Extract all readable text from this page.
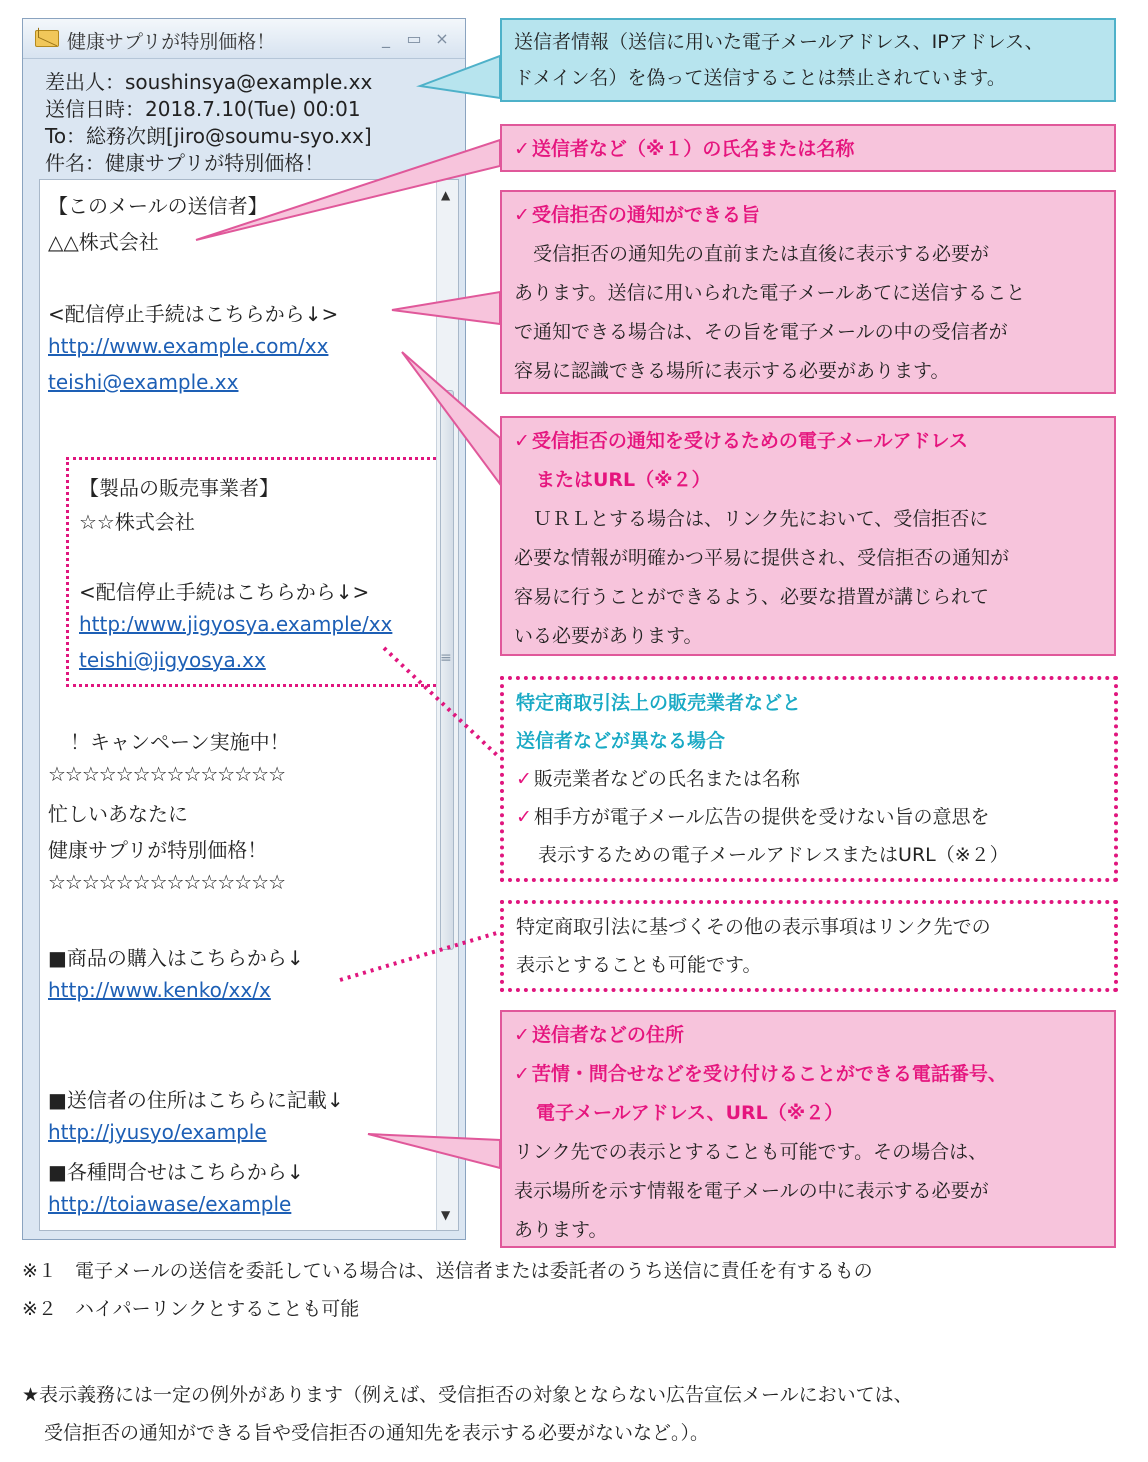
健康サプリが特別価格！	_	▭ ×
差出人：soushinsya@example.xx
送信日時：2018.7.10(Tue) 00:01
To：総務次朗[jiro@soumu-syo.xx]
件名：健康サプリが特別価格！
【このメールの送信者】
△△株式会社
<配信停止手続はこちらから↓>
http://www.example.com/xx
teishi@example.xx
【製品の販売事業者】
☆☆株式会社
<配信停止手続はこちらから↓>
http:/www.jigyosya.example/xx
teishi@jigyosya.xx
！キャンペーン実施中！
☆☆☆☆☆☆☆☆☆☆☆☆☆☆
忙しいあなたに
健康サプリが特別価格！
☆☆☆☆☆☆☆☆☆☆☆☆☆☆
■商品の購入はこちらから↓
http://www.kenko/xx/x
■送信者の住所はこちらに記載↓
http://jyusyo/example
■各種問合せはこちらから↓
http://toiawase/example
▲
≡
▼
送信者情報（送信に用いた電子メールアドレス、IPアドレス、
ドメイン名）を偽って送信することは禁止されています。
✓ 送信者など（※１）の氏名または名称
✓ 受信拒否の通知ができる旨
受信拒否の通知先の直前または直後に表示する必要が
あります。送信に用いられた電子メールあてに送信すること
で通知できる場合は、その旨を電子メールの中の受信者が
容易に認識できる場所に表示する必要があります。
✓ 受信拒否の通知を受けるための電子メールアドレス
またはURL（※２）
ＵＲＬとする場合は、リンク先において、受信拒否に
必要な情報が明確かつ平易に提供され、受信拒否の通知が
容易に行うことができるよう、必要な措置が講じられて
いる必要があります。
特定商取引法上の販売業者などと
送信者などが異なる場合
✓ 販売業者などの氏名または名称
✓ 相手方が電子メール広告の提供を受けない旨の意思を
表示するための電子メールアドレスまたはURL（※２）
特定商取引法に基づくその他の表示事項はリンク先での
表示とすることも可能です。
✓ 送信者などの住所
✓ 苦情・問合せなどを受け付けることができる電話番号、
電子メールアドレス、URL（※２）
リンク先での表示とすることも可能です。その場合は、
表示場所を示す情報を電子メールの中に表示する必要が
あります。
※１ 電子メールの送信を委託している場合は、送信者または委託者のうち送信に責任を有するもの
※２ ハイパーリンクとすることも可能
★表示義務には一定の例外があります（例えば、受信拒否の対象とならない広告宣伝メールにおいては、
受信拒否の通知ができる旨や受信拒否の通知先を表示する必要がないなど。）。
